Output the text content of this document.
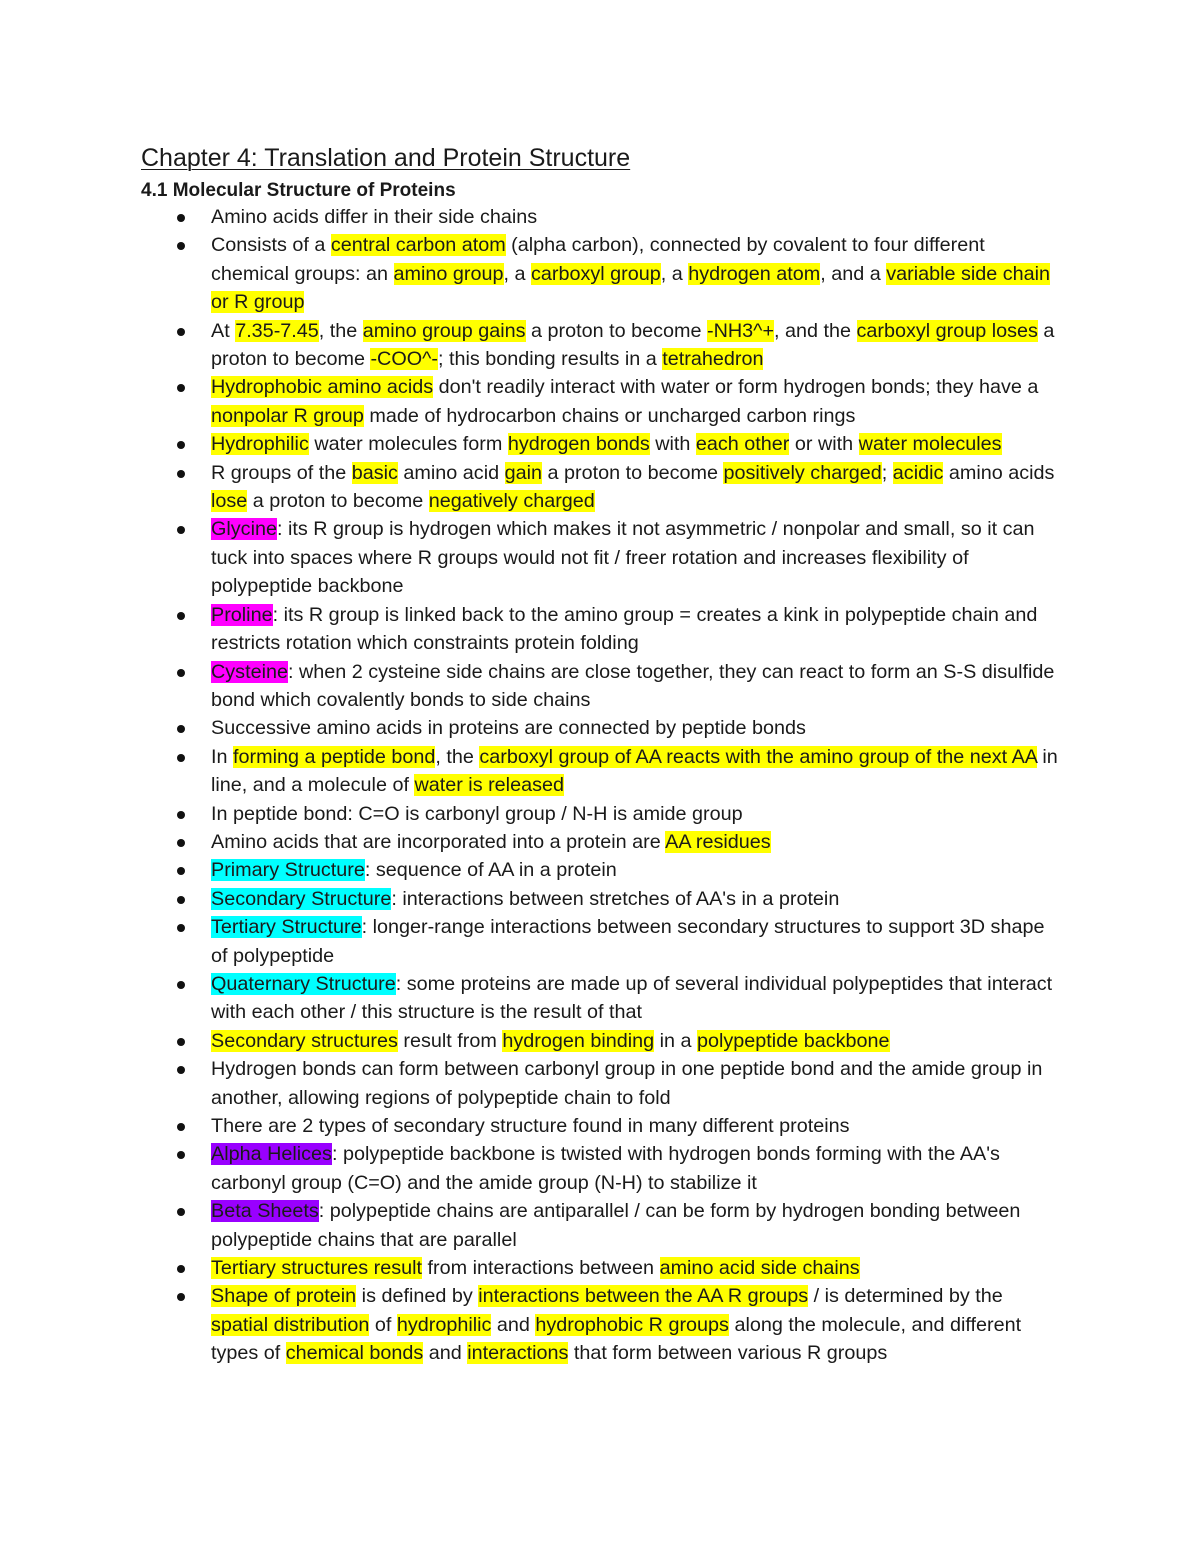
Chapter 4: Translation and Protein Structure
4.1 Molecular Structure of Proteins
Amino acids differ in their side chains
Consists of a central carbon atom (alpha carbon), connected by covalent to four different chemical groups: an amino group, a carboxyl group, a hydrogen atom, and a variable side chain or R group
At 7.35-7.45, the amino group gains a proton to become -NH3^+, and the carboxyl group loses a proton to become -COO^-; this bonding results in a tetrahedron
Hydrophobic amino acids don't readily interact with water or form hydrogen bonds; they have a nonpolar R group made of hydrocarbon chains or uncharged carbon rings
Hydrophilic water molecules form hydrogen bonds with each other or with water molecules
R groups of the basic amino acid gain a proton to become positively charged; acidic amino acids lose a proton to become negatively charged
Glycine: its R group is hydrogen which makes it not asymmetric / nonpolar and small, so it can tuck into spaces where R groups would not fit / freer rotation and increases flexibility of polypeptide backbone
Proline: its R group is linked back to the amino group = creates a kink in polypeptide chain and restricts rotation which constraints protein folding
Cysteine: when 2 cysteine side chains are close together, they can react to form an S-S disulfide bond which covalently bonds to side chains
Successive amino acids in proteins are connected by peptide bonds
In forming a peptide bond, the carboxyl group of AA reacts with the amino group of the next AA in line, and a molecule of water is released
In peptide bond: C=O is carbonyl group / N-H is amide group
Amino acids that are incorporated into a protein are AA residues
Primary Structure: sequence of AA in a protein
Secondary Structure: interactions between stretches of AA's in a protein
Tertiary Structure: longer-range interactions between secondary structures to support 3D shape of polypeptide
Quaternary Structure: some proteins are made up of several individual polypeptides that interact with each other / this structure is the result of that
Secondary structures result from hydrogen binding in a polypeptide backbone
Hydrogen bonds can form between carbonyl group in one peptide bond and the amide group in another, allowing regions of polypeptide chain to fold
There are 2 types of secondary structure found in many different proteins
Alpha Helices: polypeptide backbone is twisted with hydrogen bonds forming with the AA's carbonyl group (C=O) and the amide group (N-H) to stabilize it
Beta Sheets: polypeptide chains are antiparallel / can be form by hydrogen bonding between polypeptide chains that are parallel
Tertiary structures result from interactions between amino acid side chains
Shape of protein is defined by interactions between the AA R groups / is determined by the spatial distribution of hydrophilic and hydrophobic R groups along the molecule, and different types of chemical bonds and interactions that form between various R groups
